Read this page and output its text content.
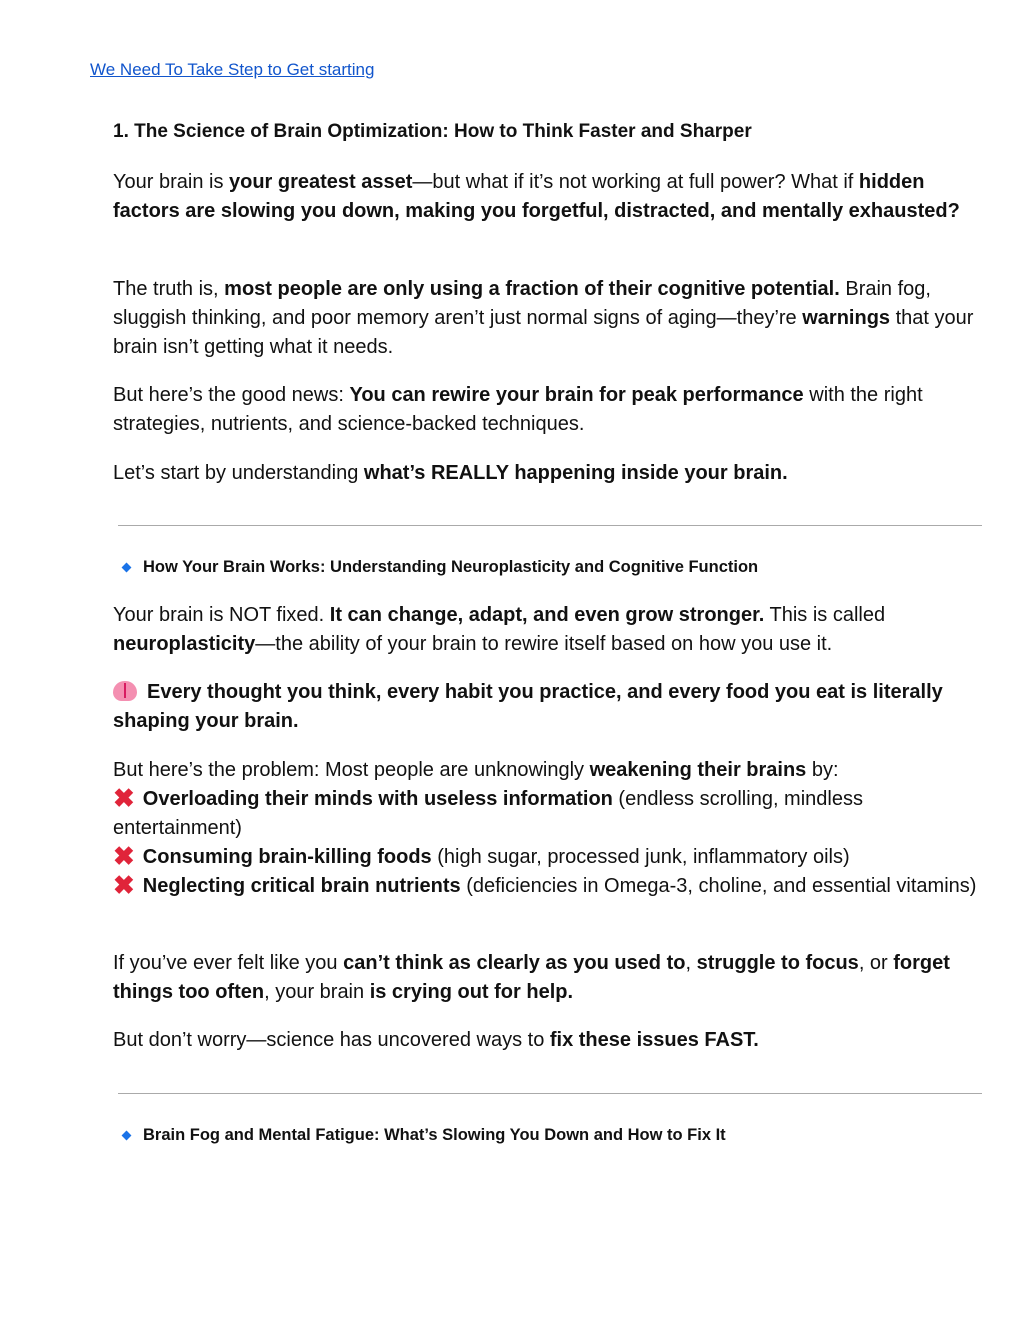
We Need To Take Step to Get starting
1. The Science of Brain Optimization: How to Think Faster and Sharper

Your brain is your greatest asset—but what if it’s not working at full power? What if hidden factors are slowing you down, making you forgetful, distracted, and mentally exhausted?

The truth is, most people are only using a fraction of their cognitive potential. Brain fog, sluggish thinking, and poor memory aren’t just normal signs of aging—they’re warnings that your brain isn’t getting what it needs.

But here’s the good news: You can rewire your brain for peak performance with the right strategies, nutrients, and science-backed techniques.

Let’s start by understanding what’s REALLY happening inside your brain.

How Your Brain Works: Understanding Neuroplasticity and Cognitive Function

Your brain is NOT fixed. It can change, adapt, and even grow stronger. This is called neuroplasticity—the ability of your brain to rewire itself based on how you use it.

Every thought you think, every habit you practice, and every food you eat is literally shaping your brain.

But here’s the problem: Most people are unknowingly weakening their brains by:
✖ Overloading their minds with useless information (endless scrolling, mindless entertainment)
✖ Consuming brain-killing foods (high sugar, processed junk, inflammatory oils)
✖ Neglecting critical brain nutrients (deficiencies in Omega-3, choline, and essential vitamins)

If you’ve ever felt like you can’t think as clearly as you used to, struggle to focus, or forget things too often, your brain is crying out for help.

But don’t worry—science has uncovered ways to fix these issues FAST.

Brain Fog and Mental Fatigue: What’s Slowing You Down and How to Fix It
